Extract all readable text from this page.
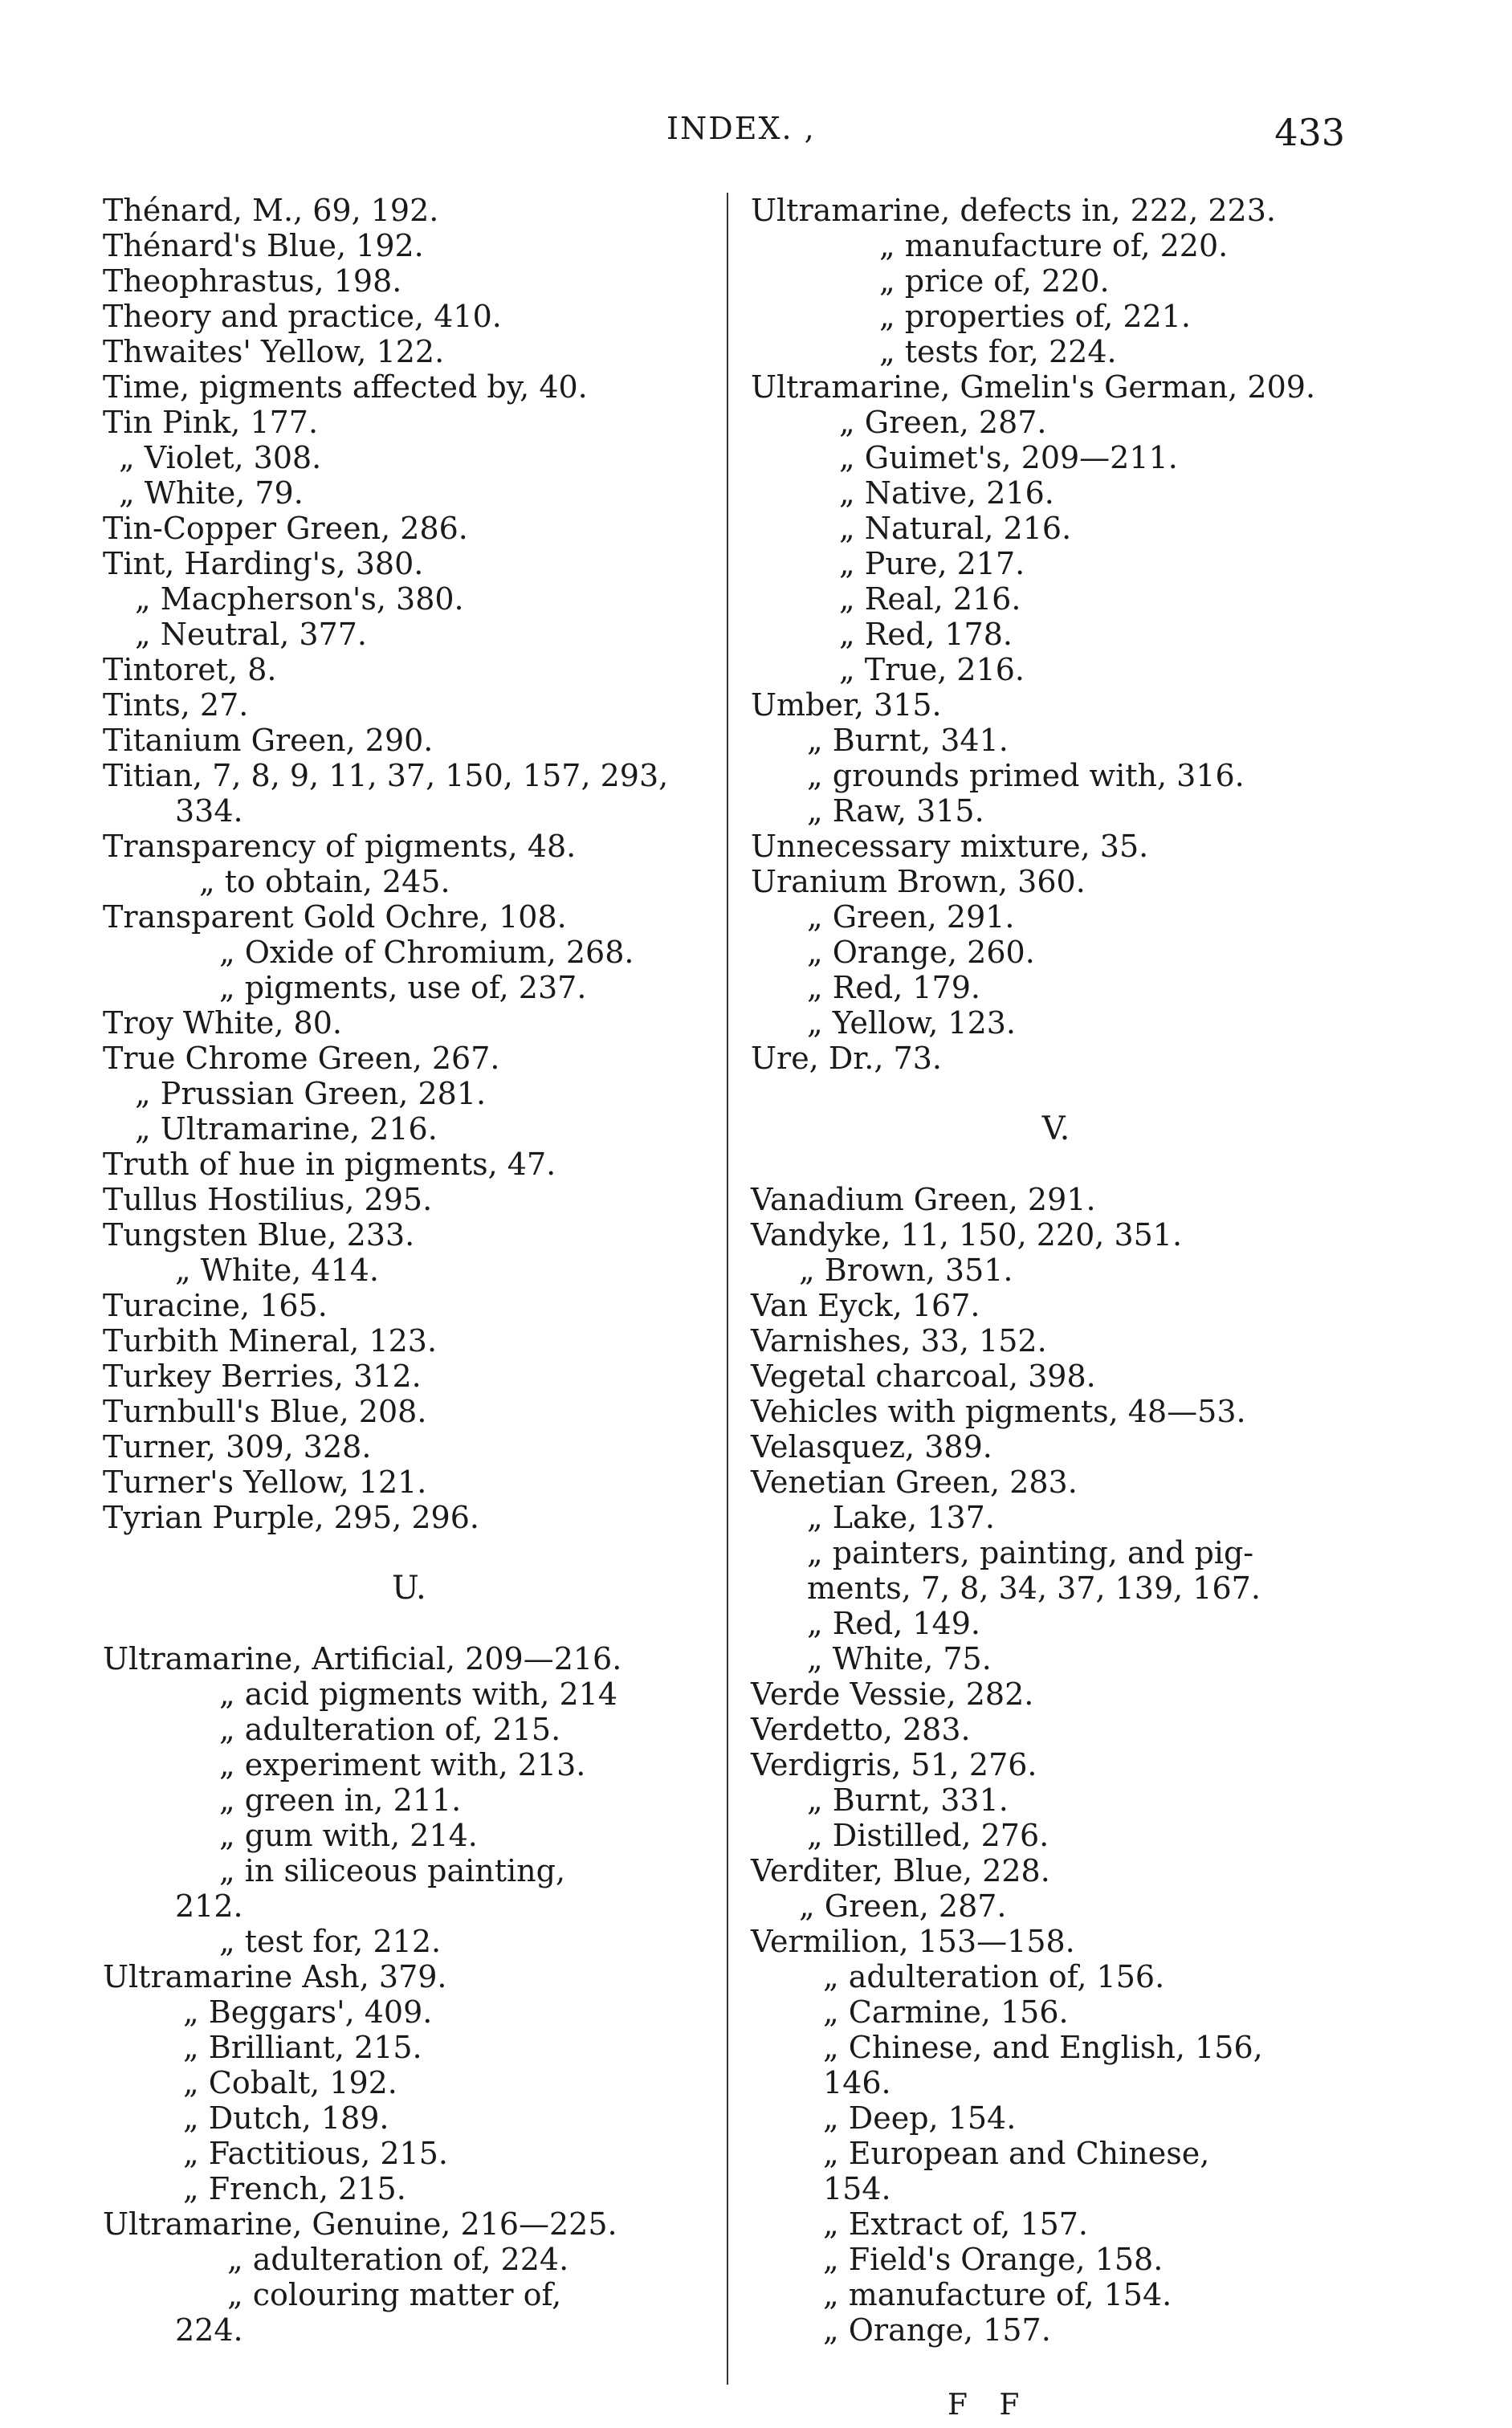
INDEX. ,	433
Thénard, M., 69, 192.
Thénard's Blue, 192.
Theophrastus, 198.
Theory and practice, 410.
Thwaites' Yellow, 122.
Time, pigments affected by, 40.
Tin Pink, 177.
„ Violet, 308.
„ White, 79.
Tin-Copper Green, 286.
Tint, Harding's, 380.
„ Macpherson's, 380.
„ Neutral, 377.
Tintoret, 8.
Tints, 27.
Titanium Green, 290.
Titian, 7, 8, 9, 11, 37, 150, 157, 293,
334.
Transparency of pigments, 48.
„ to obtain, 245.
Transparent Gold Ochre, 108.
„ Oxide of Chromium, 268.
„ pigments, use of, 237.
Troy White, 80.
True Chrome Green, 267.
„ Prussian Green, 281.
„ Ultramarine, 216.
Truth of hue in pigments, 47.
Tullus Hostilius, 295.
Tungsten Blue, 233.
„ White, 414.
Turacine, 165.
Turbith Mineral, 123.
Turkey Berries, 312.
Turnbull's Blue, 208.
Turner, 309, 328.
Turner's Yellow, 121.
Tyrian Purple, 295, 296.
U.
Ultramarine, Artificial, 209—216.
„ acid pigments with, 214
„ adulteration of, 215.
„ experiment with, 213.
„ green in, 211.
„ gum with, 214.
„ in siliceous painting,
212.
„ test for, 212.
Ultramarine Ash, 379.
„ Beggars', 409.
„ Brilliant, 215.
„ Cobalt, 192.
„ Dutch, 189.
„ Factitious, 215.
„ French, 215.
Ultramarine, Genuine, 216—225.
„ adulteration of, 224.
„ colouring matter of,
224.
Ultramarine, defects in, 222, 223.
„ manufacture of, 220.
„ price of, 220.
„ properties of, 221.
„ tests for, 224.
Ultramarine, Gmelin's German, 209.
„ Green, 287.
„ Guimet's, 209—211.
„ Native, 216.
„ Natural, 216.
„ Pure, 217.
„ Real, 216.
„ Red, 178.
„ True, 216.
Umber, 315.
„ Burnt, 341.
„ grounds primed with, 316.
„ Raw, 315.
Unnecessary mixture, 35.
Uranium Brown, 360.
„ Green, 291.
„ Orange, 260.
„ Red, 179.
„ Yellow, 123.
Ure, Dr., 73.
V.
Vanadium Green, 291.
Vandyke, 11, 150, 220, 351.
„ Brown, 351.
Van Eyck, 167.
Varnishes, 33, 152.
Vegetal charcoal, 398.
Vehicles with pigments, 48—53.
Velasquez, 389.
Venetian Green, 283.
„ Lake, 137.
„ painters, painting, and pig-
ments, 7, 8, 34, 37, 139, 167.
„ Red, 149.
„ White, 75.
Verde Vessie, 282.
Verdetto, 283.
Verdigris, 51, 276.
„ Burnt, 331.
„ Distilled, 276.
Verditer, Blue, 228.
„ Green, 287.
Vermilion, 153—158.
„ adulteration of, 156.
„ Carmine, 156.
„ Chinese, and English, 156,
146.
„ Deep, 154.
„ European and Chinese,
154.
„ Extract of, 157.
„ Field's Orange, 158.
„ manufacture of, 154.
„ Orange, 157.
F F
